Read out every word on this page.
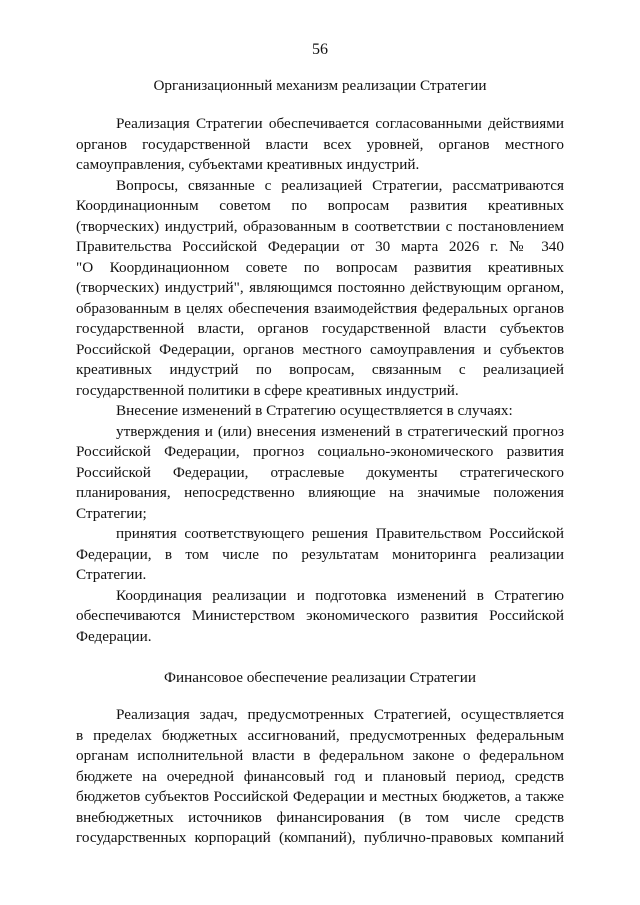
56
Организационный механизм реализации Стратегии
Реализация Стратегии обеспечивается согласованными действиями
органов государственной власти всех уровней, органов местного
самоуправления, субъектами креативных индустрий.
Вопросы, связанные с реализацией Стратегии, рассматриваются
Координационным советом по вопросам развития креативных
(творческих) индустрий, образованным в соответствии с постановлением
Правительства Российской Федерации от 30 марта 2026 г. № 340
"О Координационном совете по вопросам развития креативных
(творческих) индустрий", являющимся постоянно действующим органом,
образованным в целях обеспечения взаимодействия федеральных органов
государственной власти, органов государственной власти субъектов
Российской Федерации, органов местного самоуправления и субъектов
креативных индустрий по вопросам, связанным с реализацией
государственной политики в сфере креативных индустрий.
Внесение изменений в Стратегию осуществляется в случаях:
утверждения и (или) внесения изменений в стратегический прогноз
Российской Федерации, прогноз социально-экономического развития
Российской Федерации, отраслевые документы стратегического
планирования, непосредственно влияющие на значимые положения
Стратегии;
принятия соответствующего решения Правительством Российской
Федерации, в том числе по результатам мониторинга реализации
Стратегии.
Координация реализации и подготовка изменений в Стратегию
обеспечиваются Министерством экономического развития Российской
Федерации.
Финансовое обеспечение реализации Стратегии
Реализация задач, предусмотренных Стратегией, осуществляется
в пределах бюджетных ассигнований, предусмотренных федеральным
органам исполнительной власти в федеральном законе о федеральном
бюджете на очередной финансовый год и плановый период, средств
бюджетов субъектов Российской Федерации и местных бюджетов, а также
внебюджетных источников финансирования (в том числе средств
государственных корпораций (компаний), публично-правовых компаний
